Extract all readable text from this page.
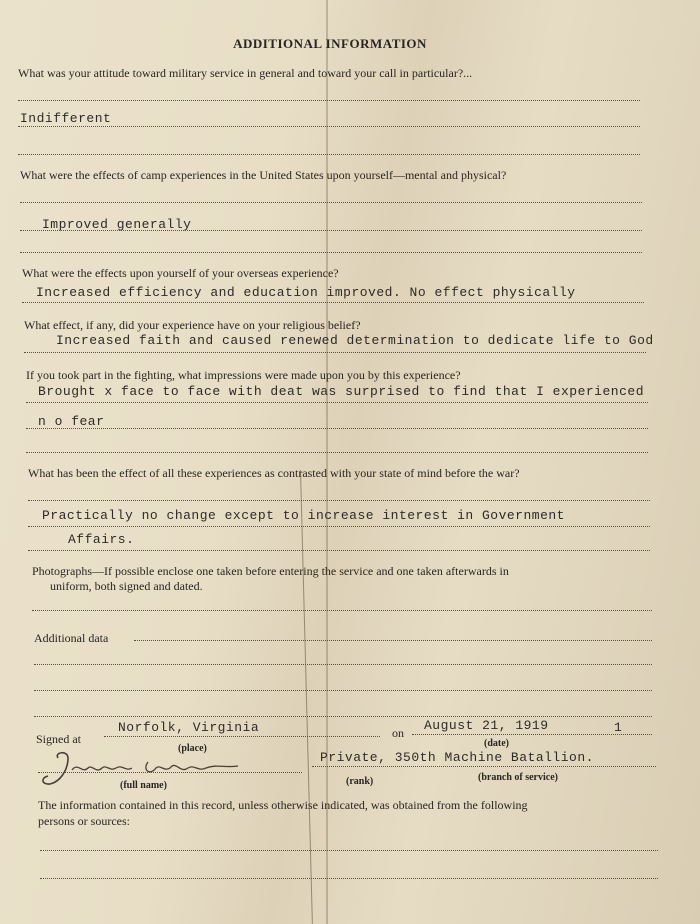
ADDITIONAL INFORMATION
What was your attitude toward military service in general and toward your call in particular?...
Indifferent
What were the effects of camp experiences in the United States upon yourself—mental and physical?
Improved generally
What were the effects upon yourself of your overseas experience?
Increased efficiency and education improved. No effect physically
What effect, if any, did your experience have on your religious belief?
Increased faith and caused renewed determination to dedicate life to God
If you took part in the fighting, what impressions were made upon you by this experience?
Brought x face to face with deat was surprised to find that I experienced
n o fear
What has been the effect of all these experiences as contrasted with your state of mind before the war?
Practically no change except to increase interest in Government
Affairs.
Photographs—If possible enclose one taken before entering the service and one taken afterwards in
uniform, both signed and dated.
Additional data
Signed at
Norfolk, Virginia
(place)
on August 21, 1919	1
(date)
(full name)
Private, 350th Machine Batallion.
(rank)	(branch of service)
The information contained in this record, unless otherwise indicated, was obtained from the following
persons or sources:
